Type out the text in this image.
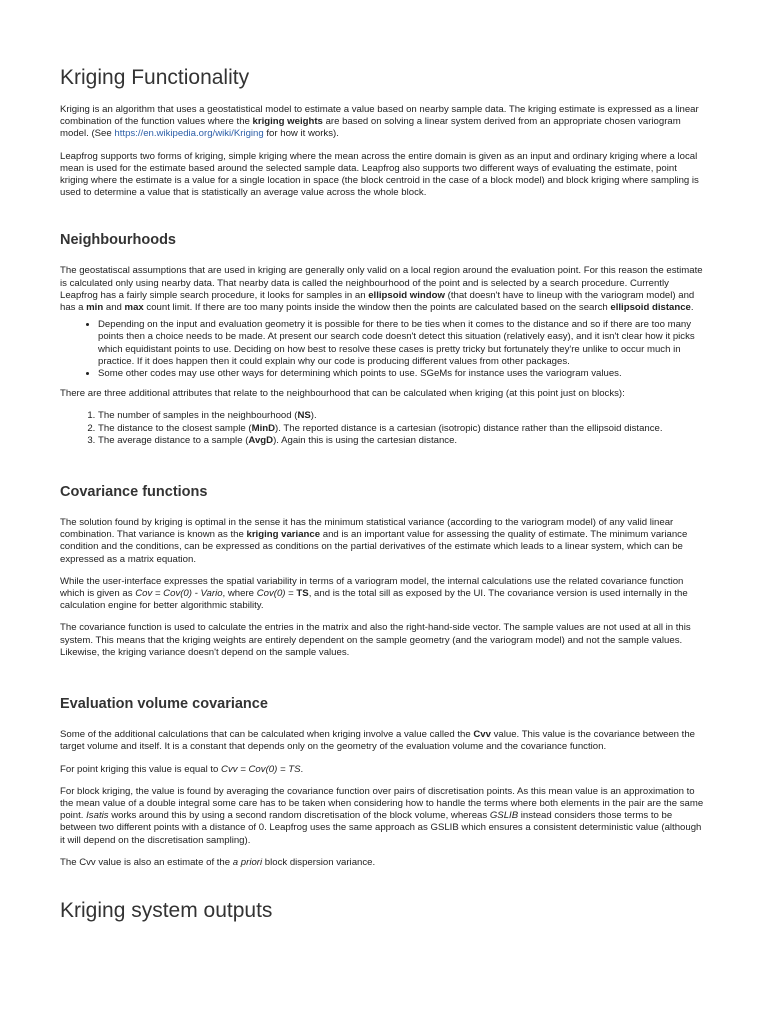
Kriging Functionality

Kriging is an algorithm that uses a geostatistical model to estimate a value based on nearby sample data. The kriging estimate is expressed as a linear combination of the function values where the kriging weights are based on solving a linear system derived from an appropriate chosen variogram model. (See https://en.wikipedia.org/wiki/Kriging for how it works).

Leapfrog supports two forms of kriging, simple kriging where the mean across the entire domain is given as an input and ordinary kriging where a local mean is used for the estimate based around the selected sample data. Leapfrog also supports two different ways of evaluating the estimate, point kriging where the estimate is a value for a single location in space (the block centroid in the case of a block model) and block kriging where sampling is used to determine a value that is statistically an average value across the whole block.

Neighbourhoods

The geostatiscal assumptions that are used in kriging are generally only valid on a local region around the evaluation point. For this reason the estimate is calculated only using nearby data. That nearby data is called the neighbourhood of the point and is selected by a search procedure. Currently Leapfrog has a fairly simple search procedure, it looks for samples in an ellipsoid window (that doesn't have to lineup with the variogram model) and has a min and max count limit. If there are too many points inside the window then the points are calculated based on the search ellipsoid distance.

• Depending on the input and evaluation geometry it is possible for there to be ties when it comes to the distance and so if there are too many points then a choice needs to be made. At present our search code doesn't detect this situation (relatively easy), and it isn't clear how it picks which equidistant points to use. Deciding on how best to resolve these cases is pretty tricky but fortunately they're unlike to occur much in practice. If it does happen then it could explain why our code is producing different values from other packages.
• Some other codes may use other ways for determining which points to use. SGeMs for instance uses the variogram values.

There are three additional attributes that relate to the neighbourhood that can be calculated when kriging (at this point just on blocks):

1. The number of samples in the neighbourhood (NS).
2. The distance to the closest sample (MinD). The reported distance is a cartesian (isotropic) distance rather than the ellipsoid distance.
3. The average distance to a sample (AvgD). Again this is using the cartesian distance.
Covariance functions

The solution found by kriging is optimal in the sense it has the minimum statistical variance (according to the variogram model) of any valid linear combination. That variance is known as the kriging variance and is an important value for assessing the quality of estimate. The minimum variance condition and the conditions, can be expressed as conditions on the partial derivatives of the estimate which leads to a linear system, which can be expressed as a matrix equation.

While the user-interface expresses the spatial variability in terms of a variogram model, the internal calculations use the related covariance function which is given as Cov = Cov(0) - Vario, where Cov(0) = TS, and is the total sill as exposed by the UI. The covariance version is used internally in the calculation engine for better algorithmic stability.

The covariance function is used to calculate the entries in the matrix and also the right-hand-side vector. The sample values are not used at all in this system. This means that the kriging weights are entirely dependent on the sample geometry (and the variogram model) and not the sample values. Likewise, the kriging variance doesn't depend on the sample values.

Evaluation volume covariance

Some of the additional calculations that can be calculated when kriging involve a value called the Cvv value. This value is the covariance between the target volume and itself. It is a constant that depends only on the geometry of the evaluation volume and the covariance function.

For point kriging this value is equal to Cvv = Cov(0) = TS.

For block kriging, the value is found by averaging the covariance function over pairs of discretisation points. As this mean value is an approximation to the mean value of a double integral some care has to be taken when considering how to handle the terms where both elements in the pair are the same point. Isatis works around this by using a second random discretisation of the block volume, whereas GSLIB instead considers those terms to be between two different points with a distance of 0. Leapfrog uses the same approach as GSLIB which ensures a consistent deterministic value (although it will depend on the discretisation sampling).

The Cvv value is also an estimate of the a priori block dispersion variance.

Kriging system outputs
